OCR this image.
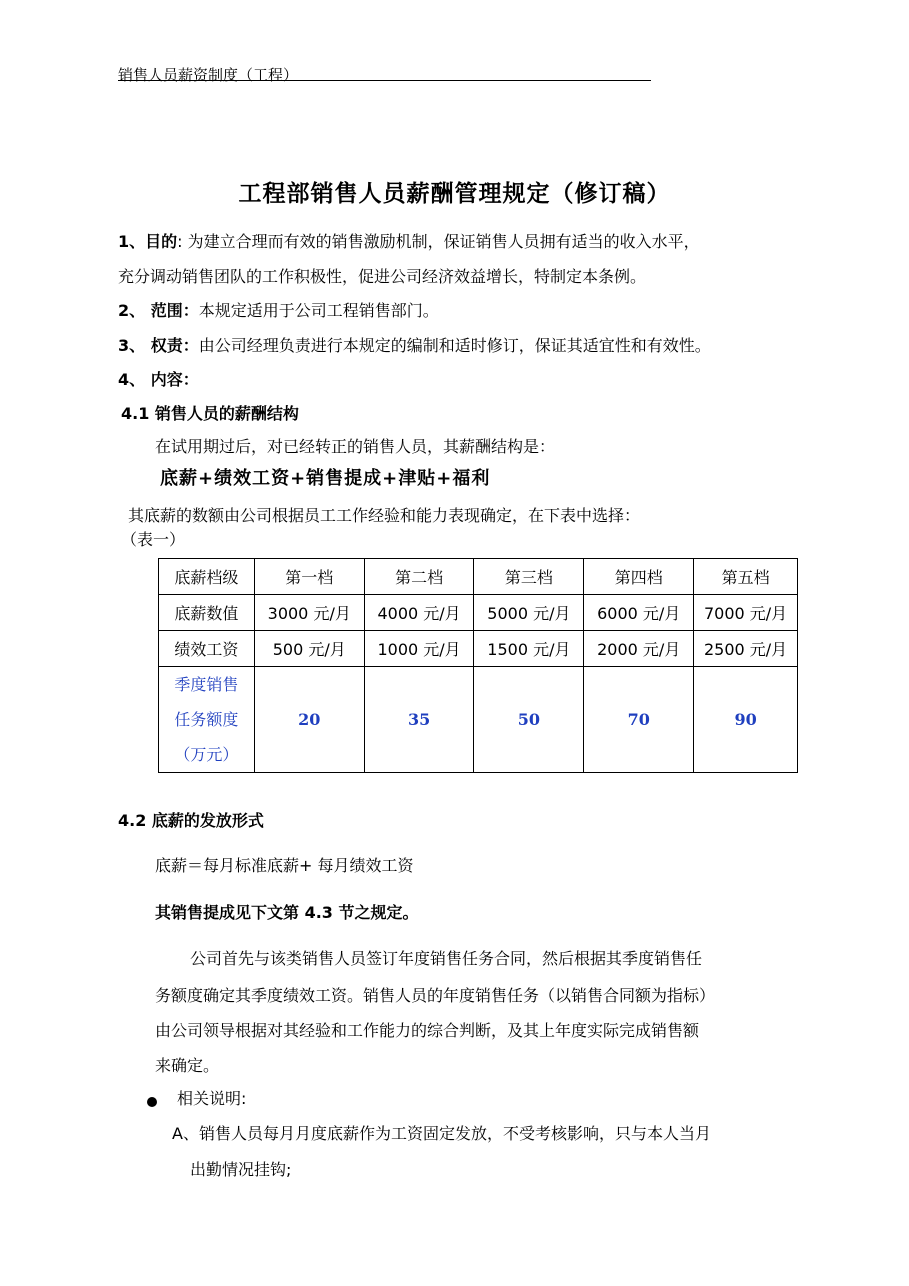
销售人员薪资制度（工程）
工程部销售人员薪酬管理规定（修订稿）
1、目的: 为建立合理而有效的销售激励机制，保证销售人员拥有适当的收入水平，
充分调动销售团队的工作积极性，促进公司经济效益增长，特制定本条例。
2、 范围：本规定适用于公司工程销售部门。
3、 权责：由公司经理负责进行本规定的编制和适时修订，保证其适宜性和有效性。
4、 内容：
4.1 销售人员的薪酬结构
在试用期过后，对已经转正的销售人员，其薪酬结构是：
底薪+绩效工资+销售提成+津贴+福利
其底薪的数额由公司根据员工工作经验和能力表现确定，在下表中选择：
（表一）
底薪档级	第一档	第二档	第三档	第四档	第五档
底薪数值	3000 元/月	4000 元/月	5000 元/月	6000 元/月	7000 元/月
绩效工资	500 元/月	1000 元/月	1500 元/月	2000 元/月	2500 元/月

季度销售
任务额度
（万元）	20	35	50	70	90
4.2 底薪的发放形式
底薪＝每月标准底薪+ 每月绩效工资
其销售提成见下文第 4.3 节之规定。
公司首先与该类销售人员签订年度销售任务合同，然后根据其季度销售任
务额度确定其季度绩效工资。销售人员的年度销售任务（以销售合同额为指标）
由公司领导根据对其经验和工作能力的综合判断，及其上年度实际完成销售额
来确定。
相关说明:
A、销售人员每月月度底薪作为工资固定发放，不受考核影响，只与本人当月
出勤情况挂钩;
